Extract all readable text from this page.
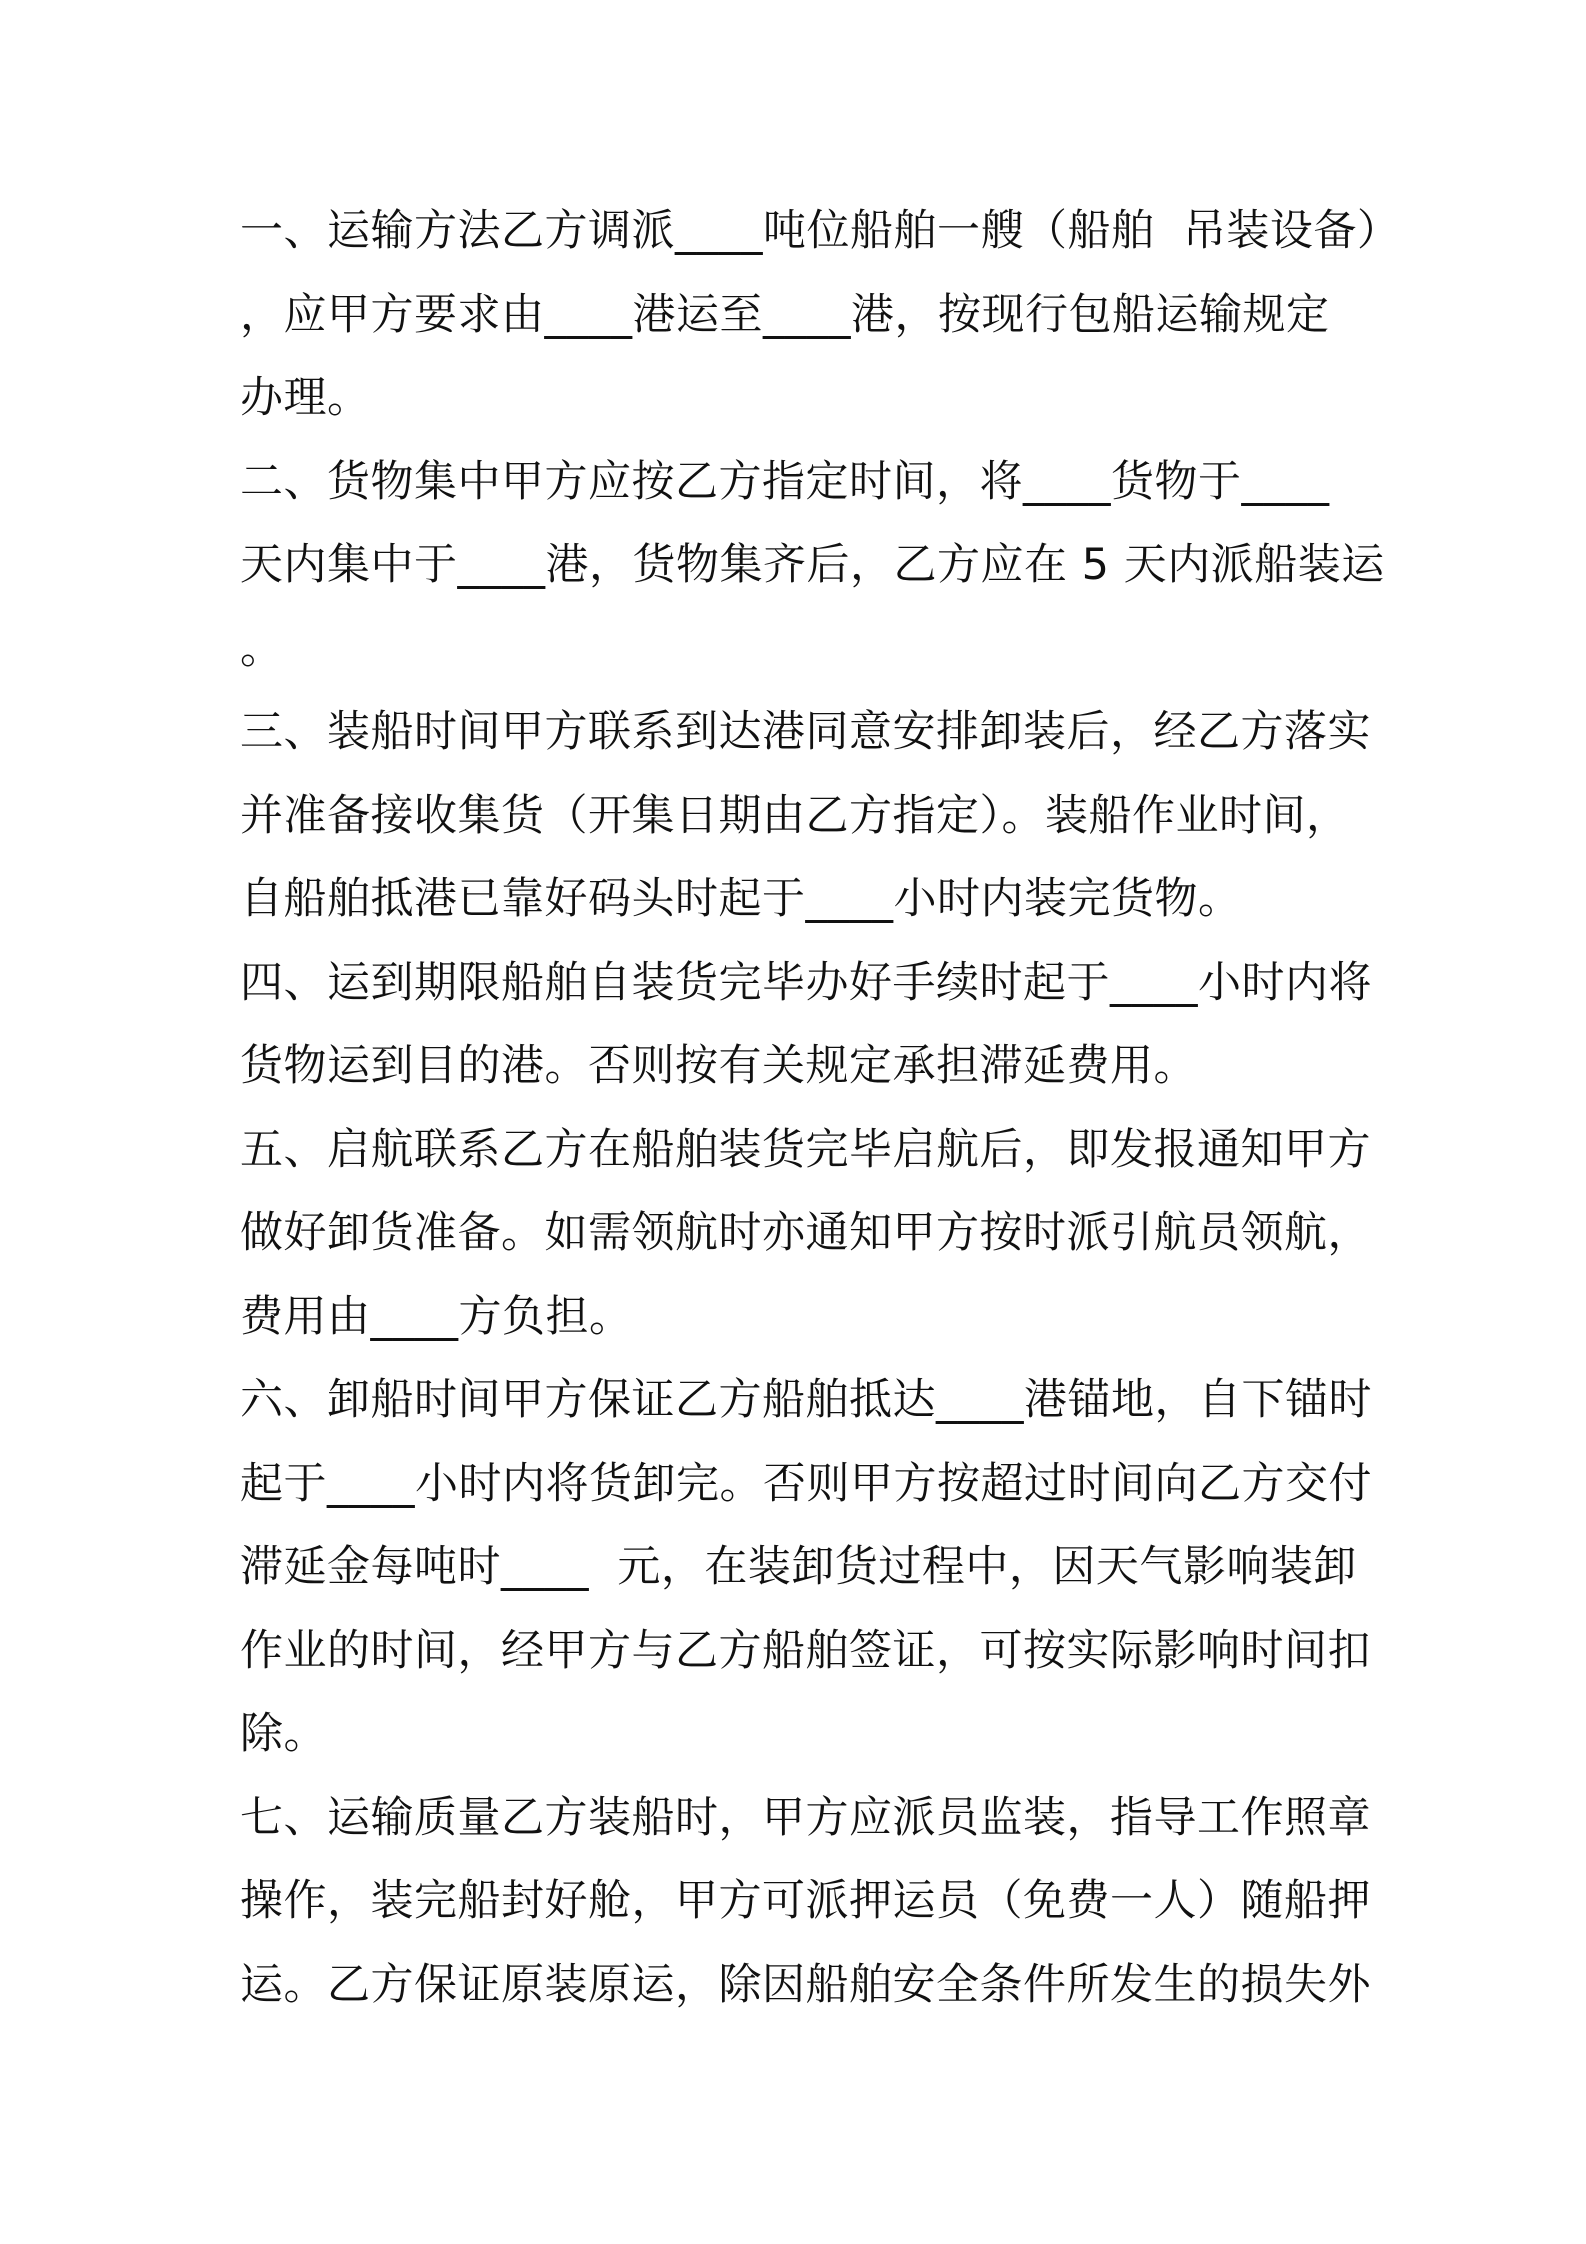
一、运输方法乙方调派____吨位船舶一艘（船舶  吊装设备）
，应甲方要求由____港运至____港，按现行包船运输规定
办理。
二、货物集中甲方应按乙方指定时间，将____货物于____
天内集中于____港，货物集齐后，乙方应在 5 天内派船装运
。
三、装船时间甲方联系到达港同意安排卸装后，经乙方落实
并准备接收集货（开集日期由乙方指定）。装船作业时间，
自船舶抵港已靠好码头时起于____小时内装完货物。
四、运到期限船舶自装货完毕办好手续时起于____小时内将
货物运到目的港。否则按有关规定承担滞延费用。
五、启航联系乙方在船舶装货完毕启航后，即发报通知甲方
做好卸货准备。如需领航时亦通知甲方按时派引航员领航，
费用由____方负担。
六、卸船时间甲方保证乙方船舶抵达____港锚地，自下锚时
起于____小时内将货卸完。否则甲方按超过时间向乙方交付
滞延金每吨时____  元，在装卸货过程中，因天气影响装卸
作业的时间，经甲方与乙方船舶签证，可按实际影响时间扣
除。
七、运输质量乙方装船时，甲方应派员监装，指导工作照章
操作，装完船封好舱，甲方可派押运员（免费一人）随船押
运。乙方保证原装原运，除因船舶安全条件所发生的损失外
